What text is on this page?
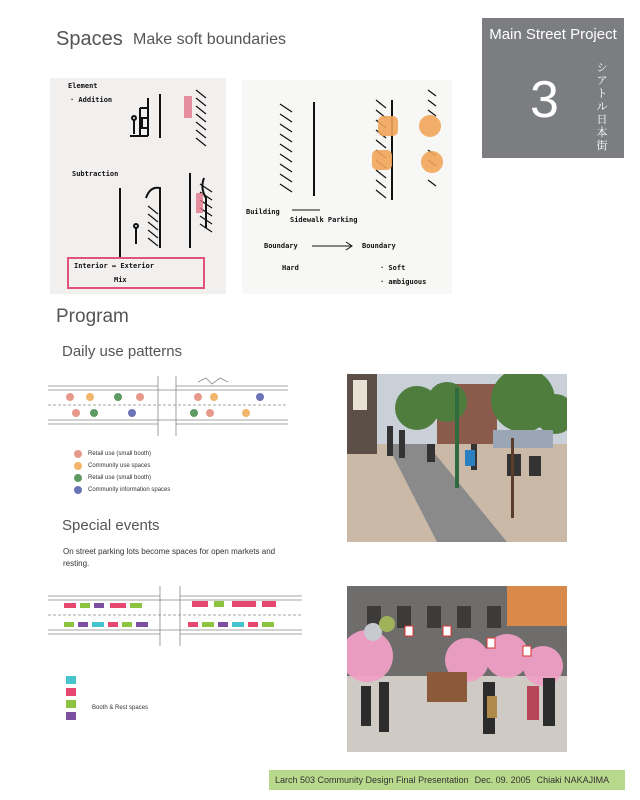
Spaces Make soft boundaries	Main Street Project
3
シアトル日本街
Element
· Addition
Subtraction
Interior ↔ Exterior
Mix
Building
Sidewalk Parking
Boundary	Boundary
Hard	· Soft
· ambiguous
Program
Daily use patterns
Retail use (small booth)
Community use spaces
Retail use (small booth)
Community information spaces
Special events
On street parking lots become spaces for open markets and resting.
Booth & Rest spaces
Larch 503 Community Design Final Presentation Dec. 09. 2005 Chiaki NAKAJIMA
